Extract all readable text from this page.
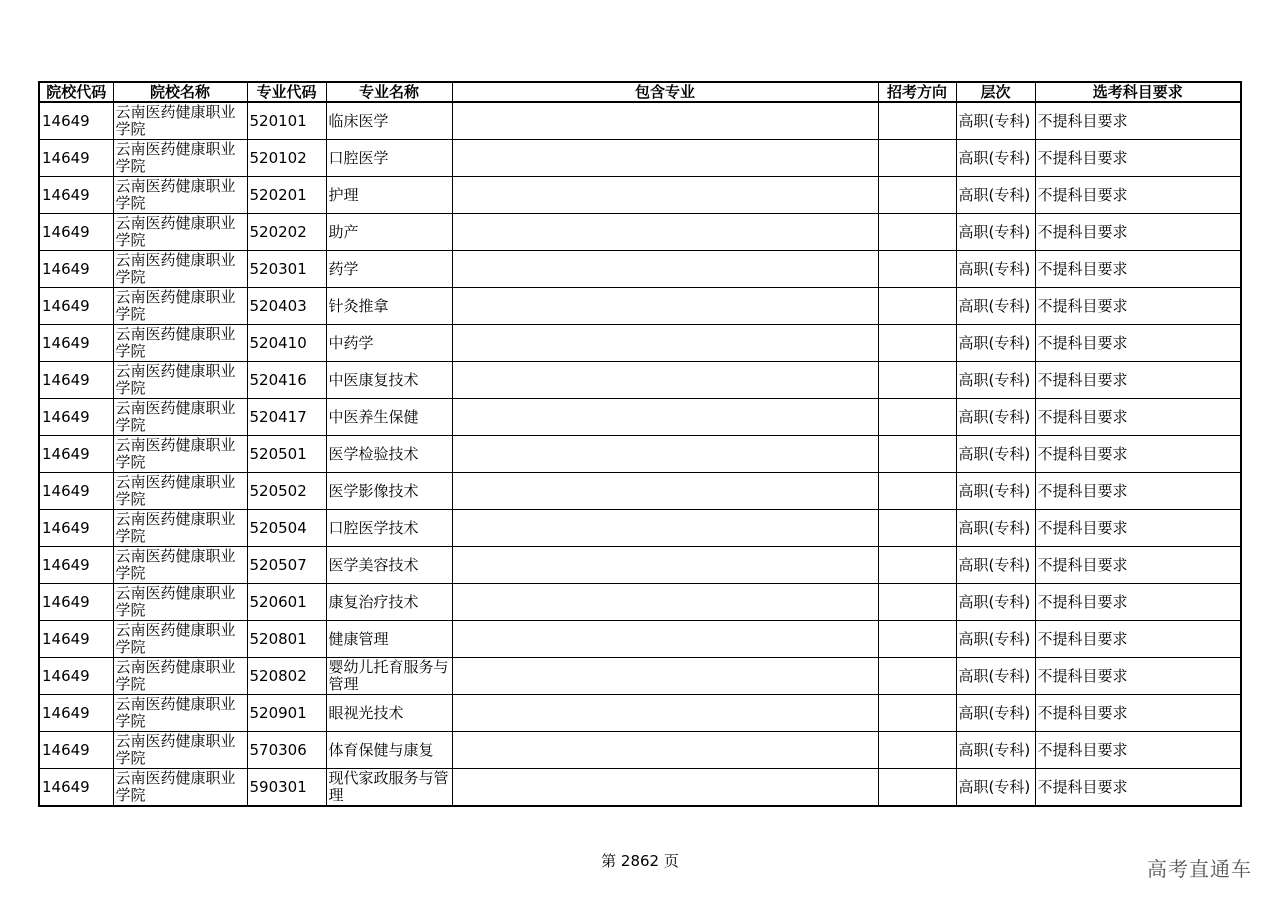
院校代码	院校名称	专业代码	专业名称	包含专业	招考方向	层次	选考科目要求
14649	云南医药健康职业学院	520101	临床医学			高职(专科)	不提科目要求
14649	云南医药健康职业学院	520102	口腔医学			高职(专科)	不提科目要求
14649	云南医药健康职业学院	520201	护理			高职(专科)	不提科目要求
14649	云南医药健康职业学院	520202	助产			高职(专科)	不提科目要求
14649	云南医药健康职业学院	520301	药学			高职(专科)	不提科目要求
14649	云南医药健康职业学院	520403	针灸推拿			高职(专科)	不提科目要求
14649	云南医药健康职业学院	520410	中药学			高职(专科)	不提科目要求
14649	云南医药健康职业学院	520416	中医康复技术			高职(专科)	不提科目要求
14649	云南医药健康职业学院	520417	中医养生保健			高职(专科)	不提科目要求
14649	云南医药健康职业学院	520501	医学检验技术			高职(专科)	不提科目要求
14649	云南医药健康职业学院	520502	医学影像技术			高职(专科)	不提科目要求
14649	云南医药健康职业学院	520504	口腔医学技术			高职(专科)	不提科目要求
14649	云南医药健康职业学院	520507	医学美容技术			高职(专科)	不提科目要求
14649	云南医药健康职业学院	520601	康复治疗技术			高职(专科)	不提科目要求
14649	云南医药健康职业学院	520801	健康管理			高职(专科)	不提科目要求
14649	云南医药健康职业学院	520802	婴幼儿托育服务与管理			高职(专科)	不提科目要求
14649	云南医药健康职业学院	520901	眼视光技术			高职(专科)	不提科目要求
14649	云南医药健康职业学院	570306	体育保健与康复			高职(专科)	不提科目要求
14649	云南医药健康职业学院	590301	现代家政服务与管理			高职(专科)	不提科目要求
第 2862 页	高考直通车
